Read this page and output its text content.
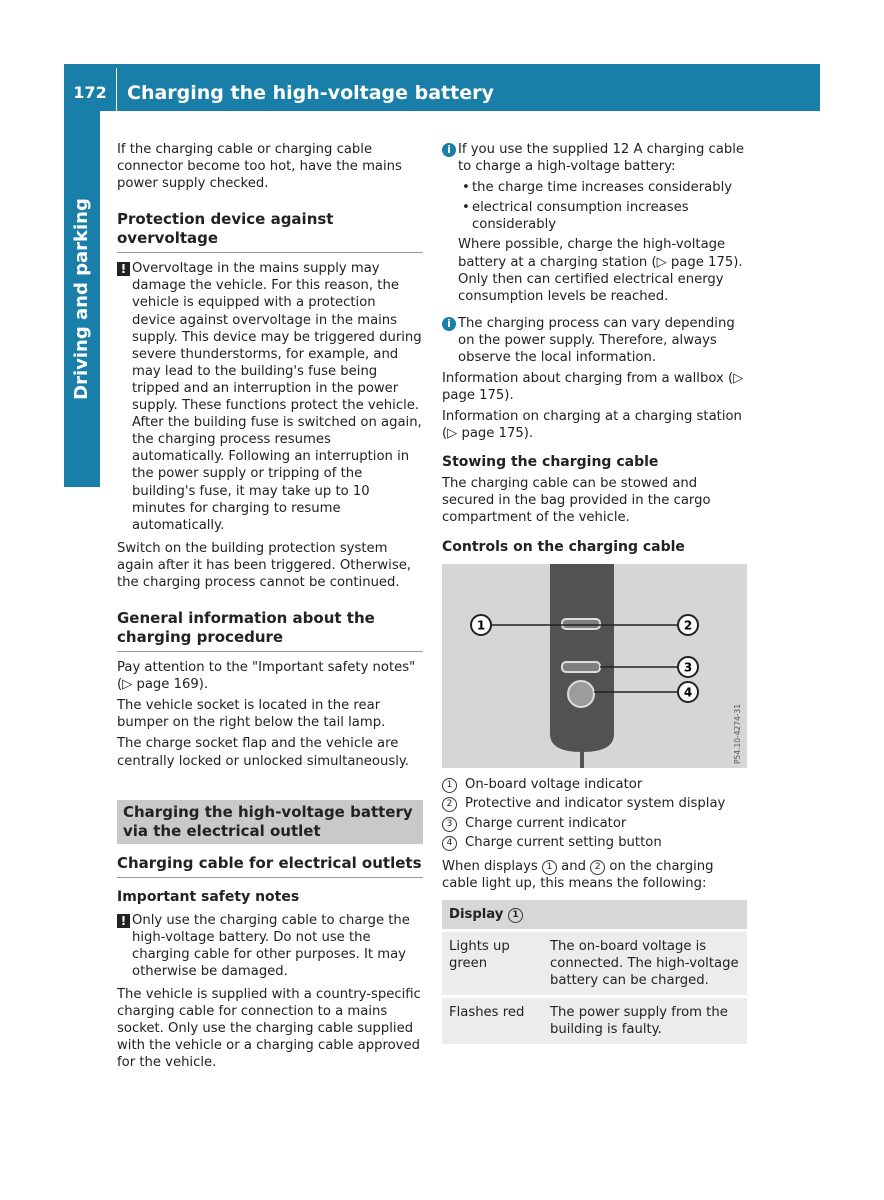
172	Charging the high-voltage battery
Driving and parking

If the charging cable or charging cable connector become too hot, have the mains power supply checked.

Protection device against overvoltage
! Overvoltage in the mains supply may damage the vehicle. For this reason, the vehicle is equipped with a protection device against overvoltage in the mains supply. This device may be triggered during severe thunderstorms, for example, and may lead to the building's fuse being tripped and an interruption in the power supply. These functions protect the vehicle. After the building fuse is switched on again, the charging process resumes automatically. Following an interruption in the power supply or tripping of the building's fuse, it may take up to 10 minutes for charging to resume automatically.

Switch on the building protection system again after it has been triggered. Otherwise, the charging process cannot be continued.

General information about the charging procedure

Pay attention to the "Important safety notes" (▷ page 169).

The vehicle socket is located in the rear bumper on the right below the tail lamp.

The charge socket flap and the vehicle are centrally locked or unlocked simultaneously.

Charging the high-voltage battery via the electrical outlet
Charging cable for electrical outlets
Important safety notes
! Only use the charging cable to charge the high-voltage battery. Do not use the charging cable for other purposes. It may otherwise be damaged.

The vehicle is supplied with a country-specific charging cable for connection to a mains socket. Only use the charging cable supplied with the vehicle or a charging cable approved for the vehicle.

i If you use the supplied 12 A charging cable to charge a high-voltage battery:
• the charge time increases considerably
• electrical consumption increases considerably

Where possible, charge the high-voltage battery at a charging station (▷ page 175). Only then can certified electrical energy consumption levels be reached.

i The charging process can vary depending on the power supply. Therefore, always observe the local information.

Information about charging from a wallbox (▷ page 175).

Information on charging at a charging station (▷ page 175).

Stowing the charging cable

The charging cable can be stowed and secured in the bag provided in the cargo compartment of the vehicle.

Controls on the charging cable
1	2
3
4
P54.10-4274-31
1 On-board voltage indicator
2 Protective and indicator system display
3 Charge current indicator
4 Charge current setting button

When displays 1 and 2 on the charging cable light up, this means the following:

Display 1	
Lights up green	The on-board voltage is connected. The high-voltage battery can be charged.
Flashes red	The power supply from the building is faulty.
